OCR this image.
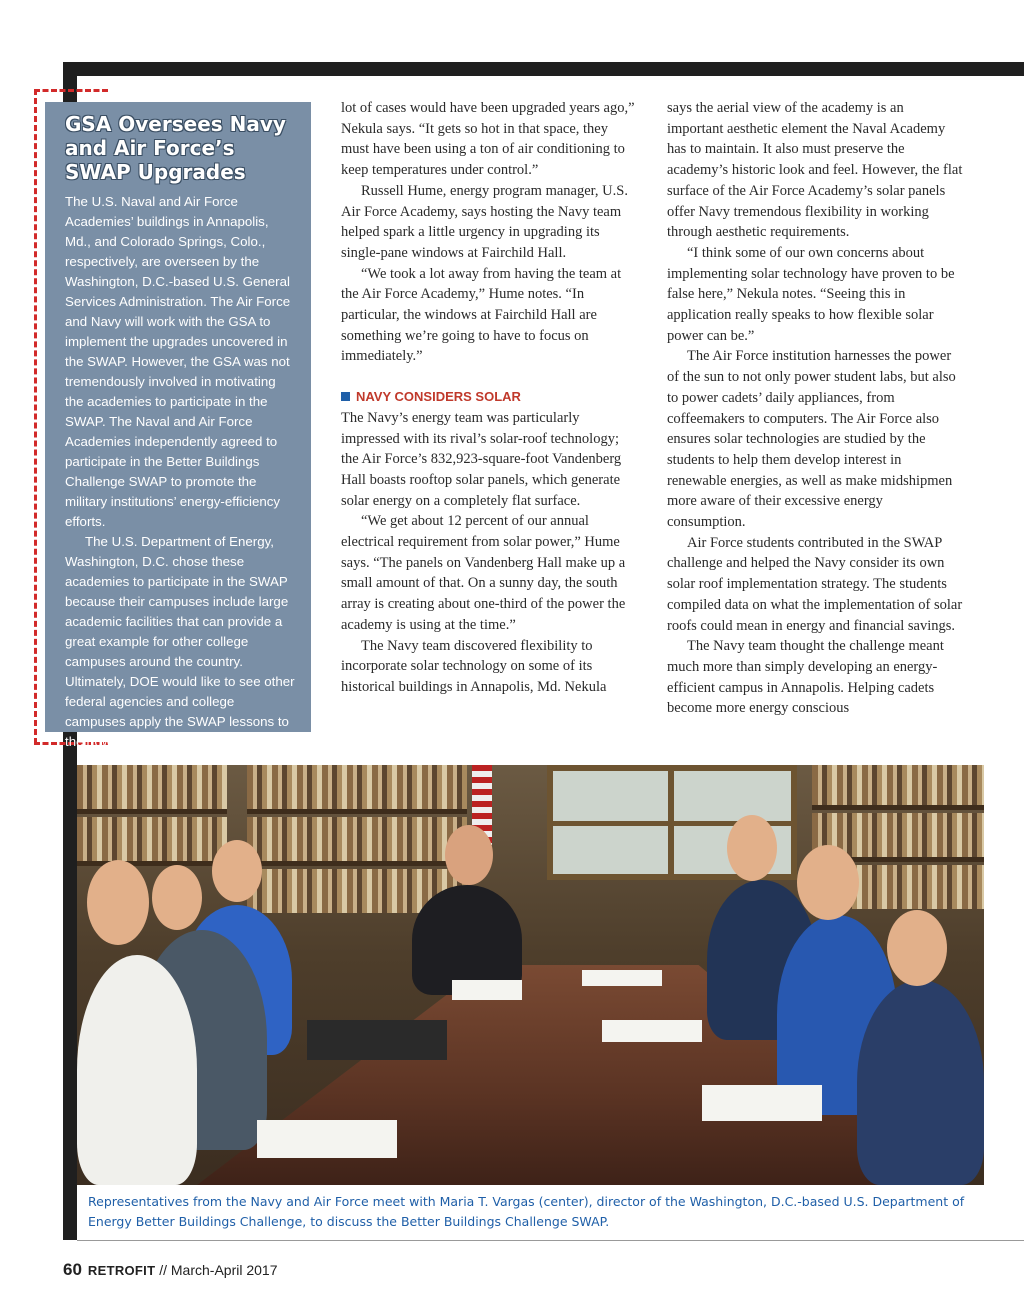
GSA Oversees Navy
and Air Force’s
SWAP Upgrades

The U.S. Naval and Air Force Academies’ buildings in Annapolis, Md., and Colorado Springs, Colo., respectively, are overseen by the Washington, D.C.-based U.S. General Services Administration. The Air Force and Navy will work with the GSA to implement the upgrades uncovered in the SWAP. However, the GSA was not tremendously involved in motivating the academies to participate in the SWAP. The Naval and Air Force Academies independently agreed to participate in the Better Buildings Challenge SWAP to promote the military institutions’ energy-efficiency efforts.

The U.S. Department of Energy, Washington, D.C. chose these academies to participate in the SWAP because their campuses include large academic facilities that can provide a great example for other college campuses around the country. Ultimately, DOE would like to see other federal agencies and college campuses apply the SWAP lessons to their own operations.

lot of cases would have been upgraded years ago,” Nekula says. “It gets so hot in that space, they must have been using a ton of air conditioning to keep temperatures under control.”

Russell Hume, energy program manager, U.S. Air Force Academy, says hosting the Navy team helped spark a little urgency in upgrading its single-pane windows at Fairchild Hall.

“We took a lot away from having the team at the Air Force Academy,” Hume notes. “In particular, the windows at Fairchild Hall are something we’re going to have to focus on immediately.”

NAVY CONSIDERS SOLAR

The Navy’s energy team was particularly impressed with its rival’s solar-roof technology; the Air Force’s 832,923-square-foot Vandenberg Hall boasts rooftop solar panels, which generate solar energy on a completely flat surface.

“We get about 12 percent of our annual electrical requirement from solar power,” Hume says. “The panels on Vandenberg Hall make up a small amount of that. On a sunny day, the south array is creating about one-third of the power the academy is using at the time.”

The Navy team discovered flexibility to incorporate solar technology on some of its historical buildings in Annapolis, Md. Nekula

says the aerial view of the academy is an important aesthetic element the Naval Academy has to maintain. It also must preserve the academy’s historic look and feel. However, the flat surface of the Air Force Academy’s solar panels offer Navy tremendous flexibility in working through aesthetic requirements.

“I think some of our own concerns about implementing solar technology have proven to be false here,” Nekula notes. “Seeing this in application really speaks to how flexible solar power can be.”

The Air Force institution harnesses the power of the sun to not only power student labs, but also to power cadets’ daily appliances, from coffeemakers to computers. The Air Force also ensures solar technologies are studied by the students to help them develop interest in renewable energies, as well as make midshipmen more aware of their excessive energy consumption.

Air Force students contributed in the SWAP challenge and helped the Navy consider its own solar roof implementation strategy. The students compiled data on what the implementation of solar roofs could mean in energy and financial savings.

The Navy team thought the challenge meant much more than simply developing an energy-efficient campus in Annapolis. Helping cadets become more energy conscious

Representatives from the Navy and Air Force meet with Maria T. Vargas (center), director of the Washington, D.C.-based U.S. Department of Energy Better Buildings Challenge, to discuss the Better Buildings Challenge SWAP.
60 RETROFIT // March-April 2017
